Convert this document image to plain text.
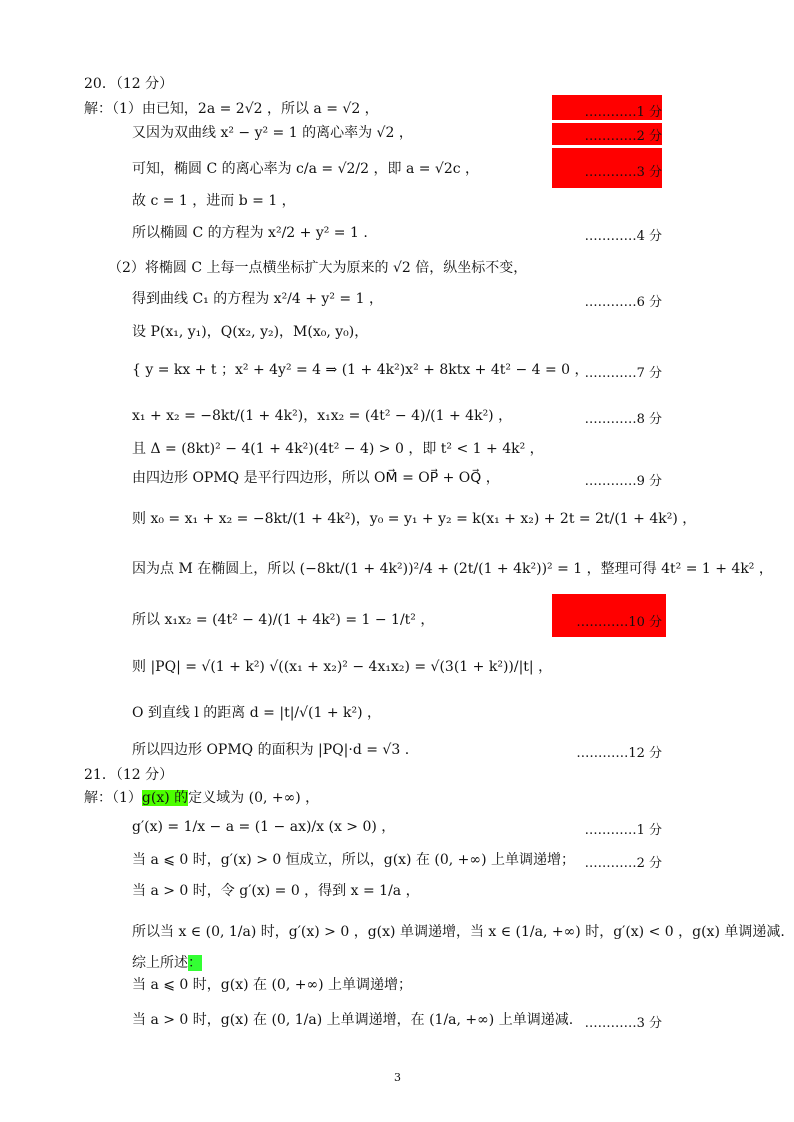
20．（12 分）
解：（1）由已知，2a = 2√2 ，所以 a = √2 ，
又因为双曲线 x² − y² = 1 的离心率为 √2 ，
可知，椭圆 C 的离心率为 c/a = √2/2 ，即 a = √2c ，
故 c = 1 ，进而 b = 1 ，
所以椭圆 C 的方程为 x²/2 + y² = 1 .
（2）将椭圆 C 上每一点横坐标扩大为原来的 √2 倍，纵坐标不变，
得到曲线 C₁ 的方程为 x²/4 + y² = 1 ，
设 P(x₁, y₁)，Q(x₂, y₂)，M(x₀, y₀)，
{ y = kx + t ；x² + 4y² = 4 ⇒ (1 + 4k²)x² + 8ktx + 4t² − 4 = 0 ，
x₁ + x₂ = −8kt/(1 + 4k²)，x₁x₂ = (4t² − 4)/(1 + 4k²) ，
且 Δ = (8kt)² − 4(1 + 4k²)(4t² − 4) > 0 ，即 t² < 1 + 4k² ，
由四边形 OPMQ 是平行四边形，所以 OM⃗ = OP⃗ + OQ⃗ ，
则 x₀ = x₁ + x₂ = −8kt/(1 + 4k²)，y₀ = y₁ + y₂ = k(x₁ + x₂) + 2t = 2t/(1 + 4k²) ，
因为点 M 在椭圆上，所以 (−8kt/(1 + 4k²))²/4 + (2t/(1 + 4k²))² = 1 ，整理可得 4t² = 1 + 4k² ，
所以 x₁x₂ = (4t² − 4)/(1 + 4k²) = 1 − 1/t² ，
则 |PQ| = √(1 + k²) √((x₁ + x₂)² − 4x₁x₂) = √(3(1 + k²))/|t| ，
O 到直线 l 的距离 d = |t|/√(1 + k²) ，
所以四边形 OPMQ 的面积为 |PQ|·d = √3 .
…………1 分
…………2 分
…………3 分
…………4 分
…………6 分
…………7 分
…………8 分
…………9 分
…………10 分
…………12 分
21．（12 分）
解：（1）g(x) 的定义域为 (0, +∞) ，
g′(x) = 1/x − a = (1 − ax)/x (x > 0) ，
当 a ⩽ 0 时，g′(x) > 0 恒成立，所以，g(x) 在 (0, +∞) 上单调递增；
当 a > 0 时，令 g′(x) = 0 ，得到 x = 1/a ，
所以当 x ∈ (0, 1/a) 时，g′(x) > 0 ，g(x) 单调递增，当 x ∈ (1/a, +∞) 时，g′(x) < 0 ，g(x) 单调递减.
综上所述：
当 a ⩽ 0 时，g(x) 在 (0, +∞) 上单调递增；
当 a > 0 时，g(x) 在 (0, 1/a) 上单调递增，在 (1/a, +∞) 上单调递减.
…………1 分
…………2 分
…………3 分
3
